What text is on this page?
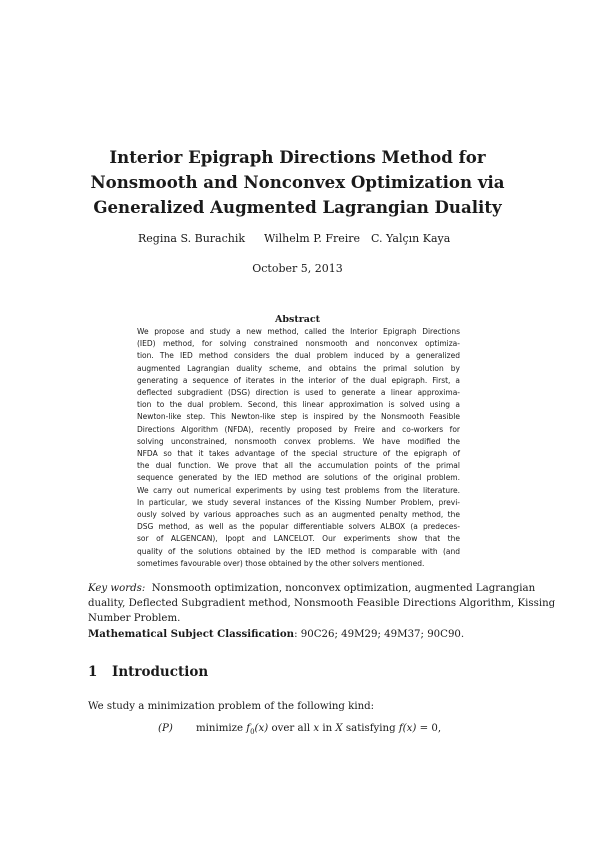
Interior Epigraph Directions Method for
Nonsmooth and Nonconvex Optimization via
Generalized Augmented Lagrangian Duality
Regina S. Burachik Wilhelm P. Freire C. Yalçın Kaya
October 5, 2013
Abstract
We propose and study a new method, called the Interior Epigraph Directions
(IED) method, for solving constrained nonsmooth and nonconvex optimiza-
tion. The IED method considers the dual problem induced by a generalized
augmented Lagrangian duality scheme, and obtains the primal solution by
generating a sequence of iterates in the interior of the dual epigraph. First, a
deflected subgradient (DSG) direction is used to generate a linear approxima-
tion to the dual problem. Second, this linear approximation is solved using a
Newton-like step. This Newton-like step is inspired by the Nonsmooth Feasible
Directions Algorithm (NFDA), recently proposed by Freire and co-workers for
solving unconstrained, nonsmooth convex problems. We have modified the
NFDA so that it takes advantage of the special structure of the epigraph of
the dual function. We prove that all the accumulation points of the primal
sequence generated by the IED method are solutions of the original problem.
We carry out numerical experiments by using test problems from the literature.
In particular, we study several instances of the Kissing Number Problem, previ-
ously solved by various approaches such as an augmented penalty method, the
DSG method, as well as the popular differentiable solvers ALBOX (a predeces-
sor of ALGENCAN), Ipopt and LANCELOT. Our experiments show that the
quality of the solutions obtained by the IED method is comparable with (and
sometimes favourable over) those obtained by the other solvers mentioned.
Key words: Nonsmooth optimization, nonconvex optimization, augmented Lagrangian
duality, Deflected Subgradient method, Nonsmooth Feasible Directions Algorithm, Kissing
Number Problem.

Mathematical Subject Classification: 90C26; 49M29; 49M37; 90C90.

1 Introduction

We study a minimization problem of the following kind:

(P) minimize $f_0(x)$ over all x in X satisfying f(x) = 0,
